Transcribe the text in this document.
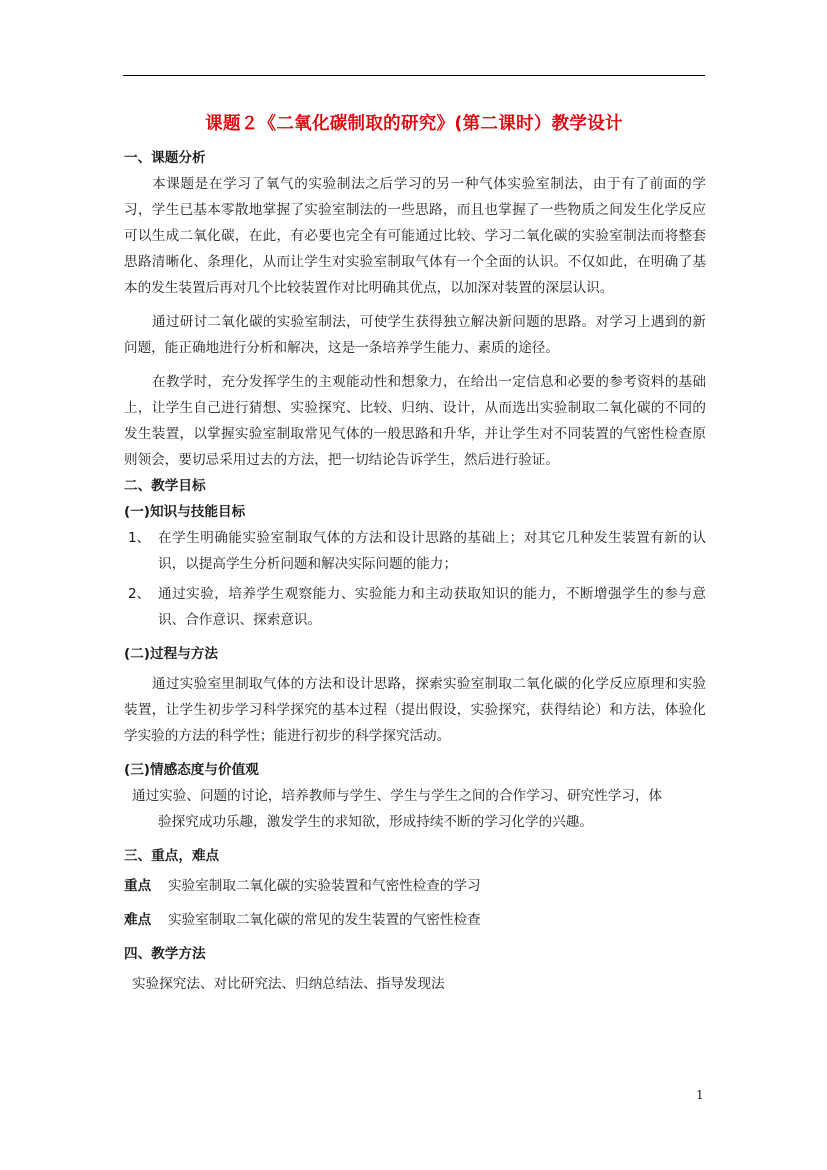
课题２《二氧化碳制取的研究》(第二课时）教学设计

一、课题分析

本课题是在学习了氧气的实验制法之后学习的另一种气体实验室制法，由于有了前面的学习，学生已基本零散地掌握了实验室制法的一些思路，而且也掌握了一些物质之间发生化学反应可以生成二氧化碳，在此，有必要也完全有可能通过比较、学习二氧化碳的实验室制法而将整套思路清晰化、条理化，从而让学生对实验室制取气体有一个全面的认识。不仅如此，在明确了基本的发生装置后再对几个比较装置作对比明确其优点，以加深对装置的深层认识。

通过研讨二氧化碳的实验室制法，可使学生获得独立解决新问题的思路。对学习上遇到的新问题，能正确地进行分析和解决，这是一条培养学生能力、素质的途径。

在教学时，充分发挥学生的主观能动性和想象力，在给出一定信息和必要的参考资料的基础上，让学生自己进行猜想、实验探究、比较、归纳、设计，从而选出实验制取二氧化碳的不同的发生装置，以掌握实验室制取常见气体的一般思路和升华，并让学生对不同装置的气密性检查原则领会，要切忌采用过去的方法，把一切结论告诉学生，然后进行验证。

二、教学目标

(一)知识与技能目标

1、 在学生明确能实验室制取气体的方法和设计思路的基础上；对其它几种发生装置有新的认识，以提高学生分析问题和解决实际问题的能力；
2、 通过实验，培养学生观察能力、实验能力和主动获取知识的能力，不断增强学生的参与意识、合作意识、探索意识。

(二)过程与方法

通过实验室里制取气体的方法和设计思路，探索实验室制取二氧化碳的化学反应原理和实验装置，让学生初步学习科学探究的基本过程（提出假设，实验探究，获得结论）和方法，体验化学实验的方法的科学性；能进行初步的科学探究活动。

(三)情感态度与价值观

通过实验、问题的讨论，培养教师与学生、学生与学生之间的合作学习、研究性学习，体
验探究成功乐趣，激发学生的求知欲，形成持续不断的学习化学的兴趣。

三、重点，难点

重点 实验室制取二氧化碳的实验装置和气密性检查的学习

难点 实验室制取二氧化碳的常见的发生装置的气密性检查

四、教学方法

实验探究法、对比研究法、归纳总结法、指导发现法

1
